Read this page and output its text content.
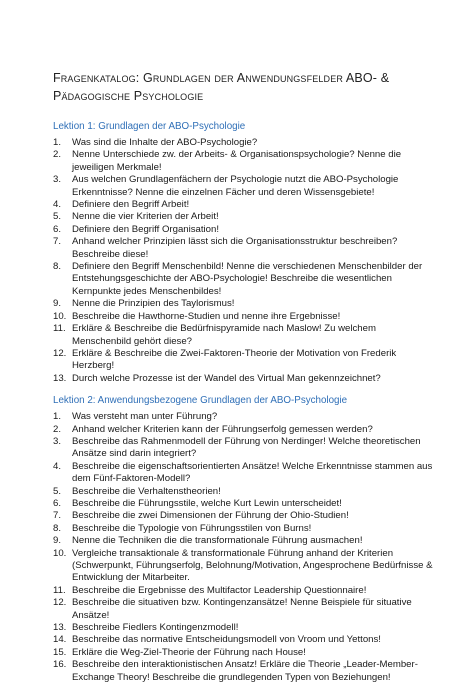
Fragenkatalog: Grundlagen der Anwendungsfelder ABO- & Pädagogische Psychologie
Lektion 1: Grundlagen der ABO-Psychologie
1. Was sind die Inhalte der ABO-Psychologie?
2. Nenne Unterschiede zw. der Arbeits- & Organisationspsychologie? Nenne die jeweiligen Merkmale!
3. Aus welchen Grundlagenfächern der Psychologie nutzt die ABO-Psychologie Erkenntnisse? Nenne die einzelnen Fächer und deren Wissensgebiete!
4. Definiere den Begriff Arbeit!
5. Nenne die vier Kriterien der Arbeit!
6. Definiere den Begriff Organisation!
7. Anhand welcher Prinzipien lässt sich die Organisationsstruktur beschreiben? Beschreibe diese!
8. Definiere den Begriff Menschenbild! Nenne die verschiedenen Menschenbilder der Entstehungsgeschichte der ABO-Psychologie! Beschreibe die wesentlichen Kernpunkte jedes Menschenbildes!
9. Nenne die Prinzipien des Taylorismus!
10. Beschreibe die Hawthorne-Studien und nenne ihre Ergebnisse!
11. Erkläre & Beschreibe die Bedürfnispyramide nach Maslow! Zu welchem Menschenbild gehört diese?
12. Erkläre & Beschreibe die Zwei-Faktoren-Theorie der Motivation von Frederik Herzberg!
13. Durch welche Prozesse ist der Wandel des Virtual Man gekennzeichnet?
Lektion 2: Anwendungsbezogene Grundlagen der ABO-Psychologie
1. Was versteht man unter Führung?
2. Anhand welcher Kriterien kann der Führungserfolg gemessen werden?
3. Beschreibe das Rahmenmodell der Führung von Nerdinger! Welche theoretischen Ansätze sind darin integriert?
4. Beschreibe die eigenschaftsorientierten Ansätze! Welche Erkenntnisse stammen aus dem Fünf-Faktoren-Modell?
5. Beschreibe die Verhaltenstheorien!
6. Beschreibe die Führungsstile, welche Kurt Lewin unterscheidet!
7. Beschreibe die zwei Dimensionen der Führung der Ohio-Studien!
8. Beschreibe die Typologie von Führungsstilen von Burns!
9. Nenne die Techniken die die transformationale Führung ausmachen!
10. Vergleiche transaktionale & transformationale Führung anhand der Kriterien (Schwerpunkt, Führungserfolg, Belohnung/Motivation, Angesprochene Bedürfnisse & Entwicklung der Mitarbeiter.
11. Beschreibe die Ergebnisse des Multifactor Leadership Questionnaire!
12. Beschreibe die situativen bzw. Kontingenzansätze! Nenne Beispiele für situative Ansätze!
13. Beschreibe Fiedlers Kontingenzmodell!
14. Beschreibe das normative Entscheidungsmodell von Vroom und Yettons!
15. Erkläre die Weg-Ziel-Theorie der Führung nach House!
16. Beschreibe den interaktionistischen Ansatz! Erkläre die Theorie „Leader-Member-Exchange Theory! Beschreibe die grundlegenden Typen von Beziehungen!
